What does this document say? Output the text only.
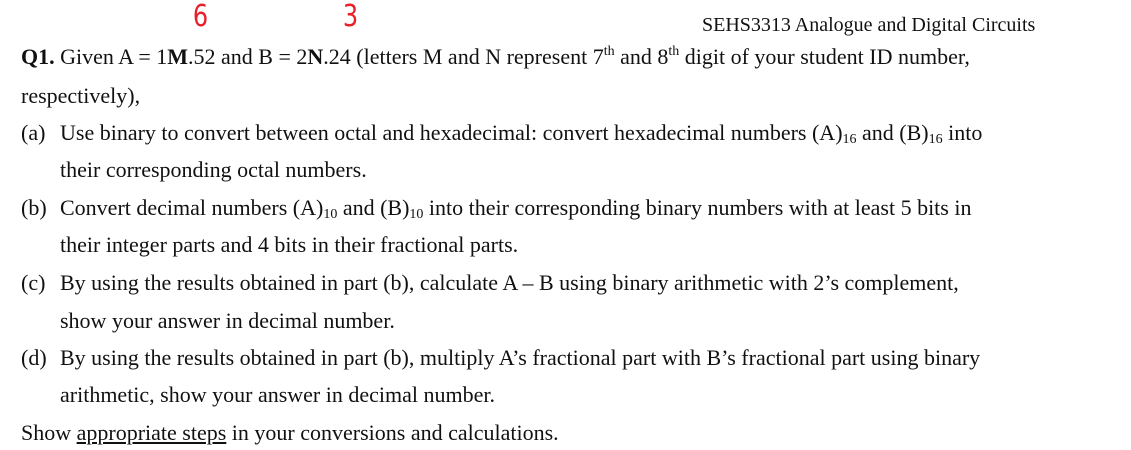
6	3	SEHS3313 Analogue and Digital Circuits
Q1. Given A = 1M.52 and B = 2N.24 (letters M and N represent 7th and 8th digit of your student ID number,
respectively),
(a) Use binary to convert between octal and hexadecimal: convert hexadecimal numbers $(A)_{16}$ and $(B)_{16}$ into
their corresponding octal numbers.
(b) Convert decimal numbers $(A)_{10}$ and $(B)_{10}$ into their corresponding binary numbers with at least 5 bits in
their integer parts and 4 bits in their fractional parts.
(c) By using the results obtained in part (b), calculate A – B using binary arithmetic with 2’s complement,
show your answer in decimal number.
(d) By using the results obtained in part (b), multiply A’s fractional part with B’s fractional part using binary
arithmetic, show your answer in decimal number.
Show appropriate steps in your conversions and calculations.
